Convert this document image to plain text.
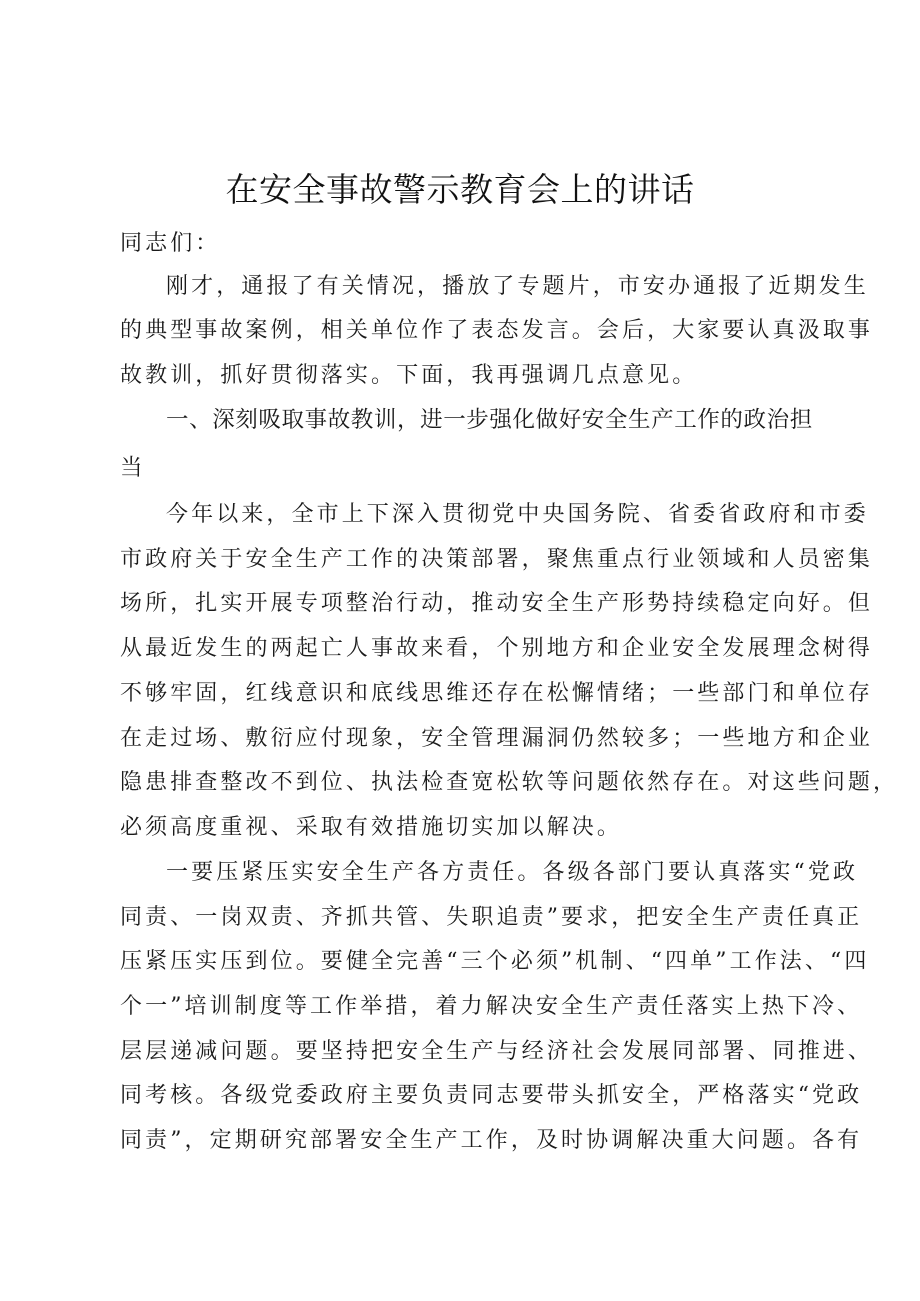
在安全事故警示教育会上的讲话
同志们：
刚才，通报了有关情况，播放了专题片，市安办通报了近期发生
的典型事故案例，相关单位作了表态发言。会后，大家要认真汲取事
故教训，抓好贯彻落实。下面，我再强调几点意见。
一、深刻吸取事故教训，进一步强化做好安全生产工作的政治担
当
今年以来，全市上下深入贯彻党中央国务院、省委省政府和市委
市政府关于安全生产工作的决策部署，聚焦重点行业领域和人员密集
场所，扎实开展专项整治行动，推动安全生产形势持续稳定向好。但
从最近发生的两起亡人事故来看，个别地方和企业安全发展理念树得
不够牢固，红线意识和底线思维还存在松懈情绪；一些部门和单位存
在走过场、敷衍应付现象，安全管理漏洞仍然较多；一些地方和企业
隐患排查整改不到位、执法检查宽松软等问题依然存在。对这些问题，
必须高度重视、采取有效措施切实加以解决。
一要压紧压实安全生产各方责任。各级各部门要认真落实“党政
同责、一岗双责、齐抓共管、失职追责”要求，把安全生产责任真正
压紧压实压到位。要健全完善“三个必须”机制、“四单”工作法、“四
个一”培训制度等工作举措，着力解决安全生产责任落实上热下冷、
层层递减问题。要坚持把安全生产与经济社会发展同部署、同推进、
同考核。各级党委政府主要负责同志要带头抓安全，严格落实“党政
同责”，定期研究部署安全生产工作，及时协调解决重大问题。各有
